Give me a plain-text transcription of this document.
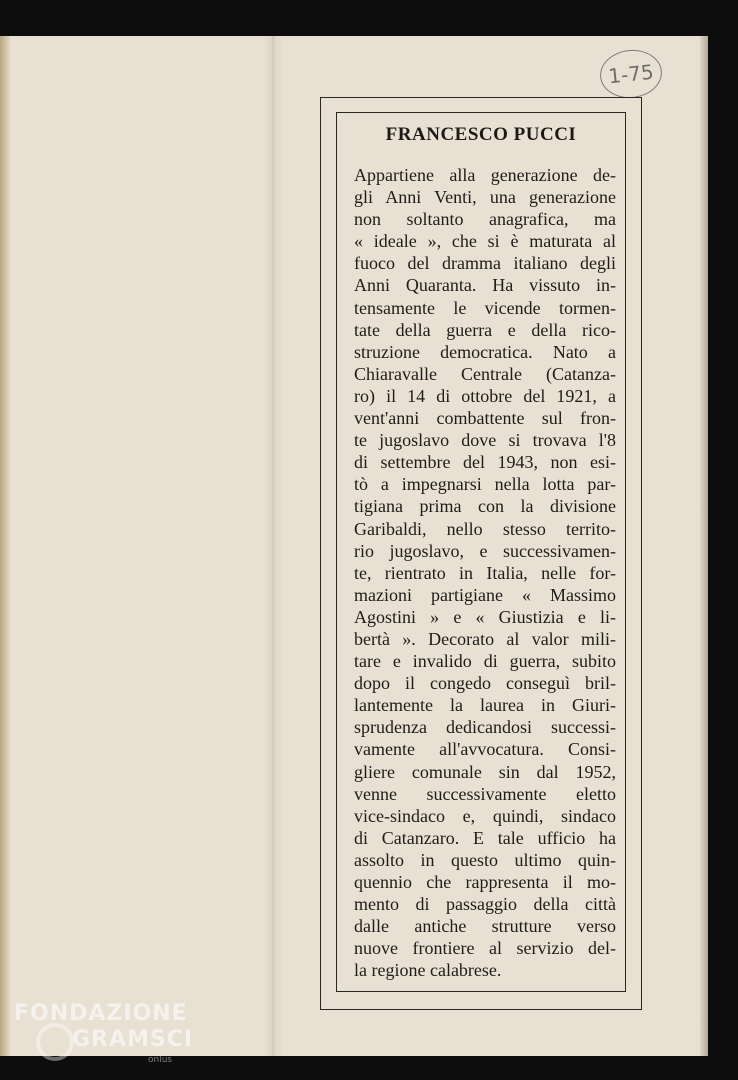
1-75
FRANCESCO PUCCI
Appartiene alla generazione de-
gli Anni Venti, una generazione
non soltanto anagrafica, ma
« ideale », che si è maturata al
fuoco del dramma italiano degli
Anni Quaranta. Ha vissuto in-
tensamente le vicende tormen-
tate della guerra e della rico-
struzione democratica. Nato a
Chiaravalle Centrale (Catanza-
ro) il 14 di ottobre del 1921, a
vent'anni combattente sul fron-
te jugoslavo dove si trovava l'8
di settembre del 1943, non esi-
tò a impegnarsi nella lotta par-
tigiana prima con la divisione
Garibaldi, nello stesso territo-
rio jugoslavo, e successivamen-
te, rientrato in Italia, nelle for-
mazioni partigiane « Massimo
Agostini » e « Giustizia e li-
bertà ». Decorato al valor mili-
tare e invalido di guerra, subito
dopo il congedo conseguì bril-
lantemente la laurea in Giuri-
sprudenza dedicandosi successi-
vamente all'avvocatura. Consi-
gliere comunale sin dal 1952,
venne successivamente eletto
vice-sindaco e, quindi, sindaco
di Catanzaro. E tale ufficio ha
assolto in questo ultimo quin-
quennio che rappresenta il mo-
mento di passaggio della città
dalle antiche strutture verso
nuove frontiere al servizio del-
la regione calabrese.
FONDAZIONE
GRAMSCI
onlus
